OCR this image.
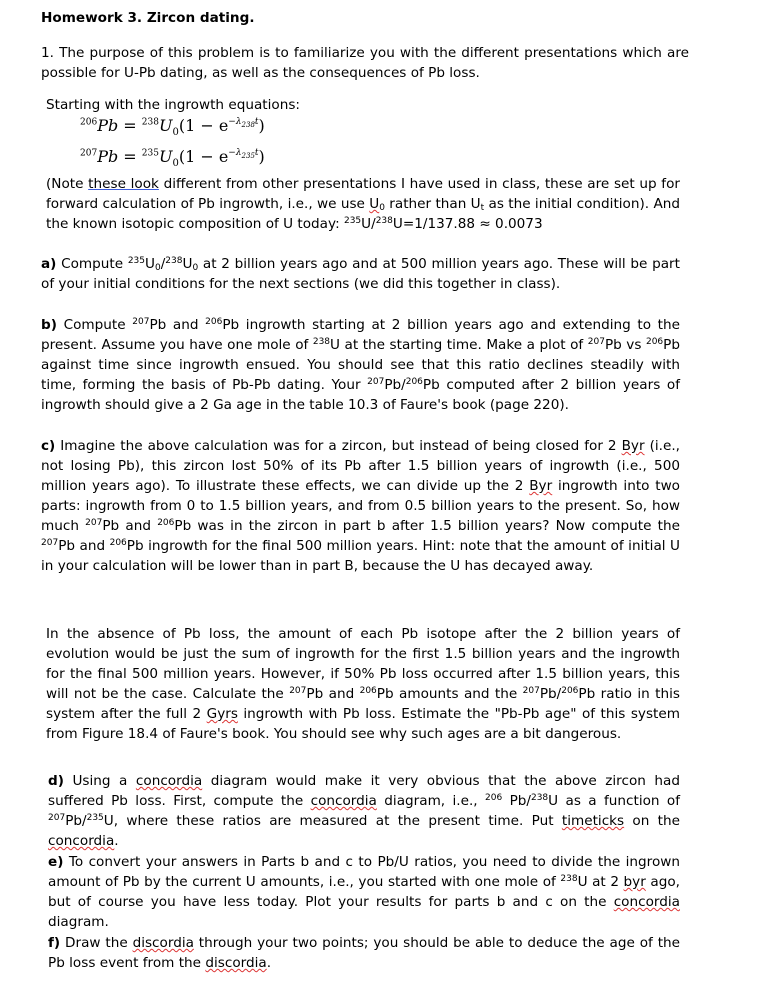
Homework 3. Zircon dating.
1. The purpose of this problem is to familiarize you with the different presentations which are possible for U-Pb dating, as well as the consequences of Pb loss.
Starting with the ingrowth equations:
$^{206}Pb = ^{238}U_0(1 - e^{-\lambda_{238}t})$
$^{207}Pb = ^{235}U_0(1 - e^{-\lambda_{235}t})$
(Note these look different from other presentations I have used in class, these are set up for forward calculation of Pb ingrowth, i.e., we use $U_0$ rather than $U_t$ as the initial condition). And the known isotopic composition of U today: $^{235}$U/$^{238}$U=1/137.88 ≈ 0.0073
a) Compute $^{235}U_0/^{238}U_0$ at 2 billion years ago and at 500 million years ago. These will be part of your initial conditions for the next sections (we did this together in class).
b) Compute $^{207}$Pb and $^{206}$Pb ingrowth starting at 2 billion years ago and extending to the present. Assume you have one mole of $^{238}$U at the starting time. Make a plot of $^{207}$Pb vs $^{206}$Pb against time since ingrowth ensued. You should see that this ratio declines steadily with time, forming the basis of Pb-Pb dating. Your $^{207}$Pb/$^{206}$Pb computed after 2 billion years of ingrowth should give a 2 Ga age in the table 10.3 of Faure's book (page 220).
c) Imagine the above calculation was for a zircon, but instead of being closed for 2 Byr (i.e., not losing Pb), this zircon lost 50% of its Pb after 1.5 billion years of ingrowth (i.e., 500 million years ago). To illustrate these effects, we can divide up the 2 Byr ingrowth into two parts: ingrowth from 0 to 1.5 billion years, and from 0.5 billion years to the present. So, how much $^{207}$Pb and $^{206}$Pb was in the zircon in part b after 1.5 billion years? Now compute the $^{207}$Pb and $^{206}$Pb ingrowth for the final 500 million years. Hint: note that the amount of initial U in your calculation will be lower than in part B, because the U has decayed away.
In the absence of Pb loss, the amount of each Pb isotope after the 2 billion years of evolution would be just the sum of ingrowth for the first 1.5 billion years and the ingrowth for the final 500 million years. However, if 50% Pb loss occurred after 1.5 billion years, this will not be the case. Calculate the $^{207}$Pb and $^{206}$Pb amounts and the $^{207}$Pb/$^{206}$Pb ratio in this system after the full 2 Gyrs ingrowth with Pb loss. Estimate the "Pb-Pb age" of this system from Figure 18.4 of Faure's book. You should see why such ages are a bit dangerous.
d) Using a concordia diagram would make it very obvious that the above zircon had suffered Pb loss. First, compute the concordia diagram, i.e., $^{206}$ Pb/$^{238}$U as a function of $^{207}$Pb/$^{235}$U, where these ratios are measured at the present time. Put timeticks on the concordia.
e) To convert your answers in Parts b and c to Pb/U ratios, you need to divide the ingrown amount of Pb by the current U amounts, i.e., you started with one mole of $^{238}$U at 2 byr ago, but of course you have less today. Plot your results for parts b and c on the concordia diagram.
f) Draw the discordia through your two points; you should be able to deduce the age of the Pb loss event from the discordia.
